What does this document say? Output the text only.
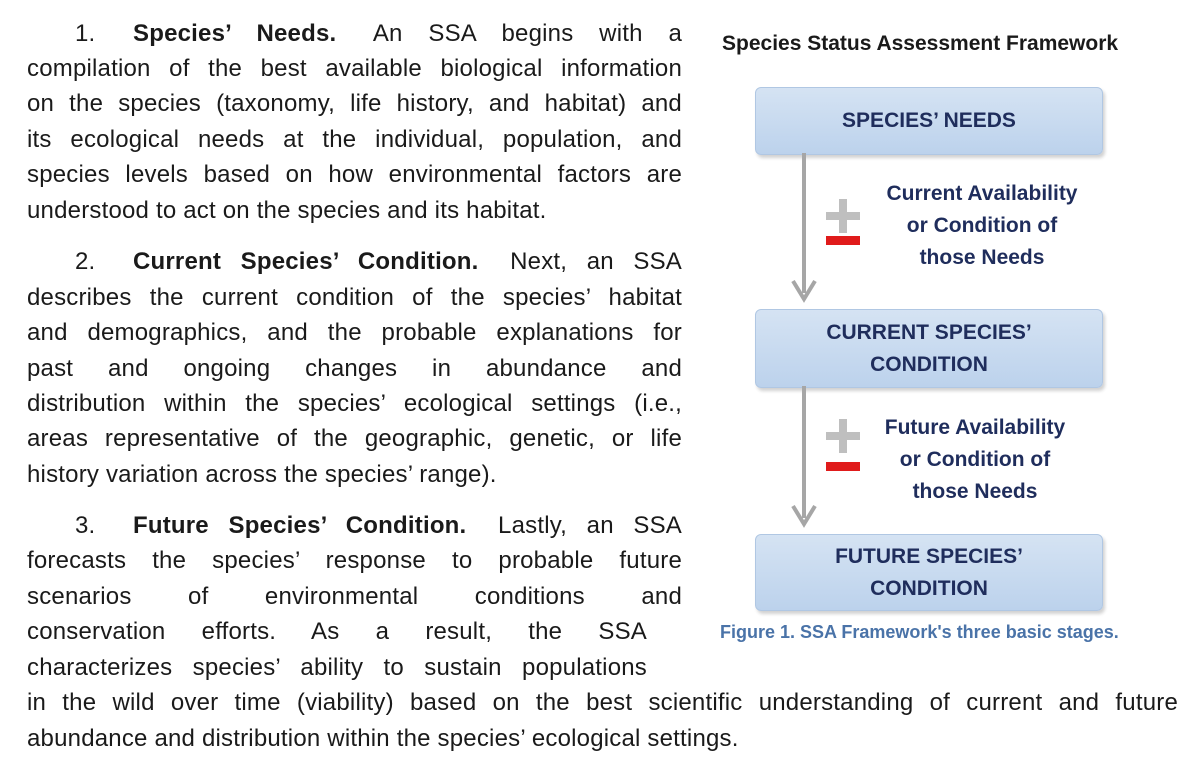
1. Species’ Needs. An SSA begins with a
compilation of the best available biological information
on the species (taxonomy, life history, and habitat) and
its ecological needs at the individual, population, and
species levels based on how environmental factors are
understood to act on the species and its habitat.
2. Current Species’ Condition. Next, an SSA
describes the current condition of the species’ habitat
and demographics, and the probable explanations for
past and ongoing changes in abundance and
distribution within the species’ ecological settings (i.e.,
areas representative of the geographic, genetic, or life
history variation across the species’ range).
3. Future Species’ Condition. Lastly, an SSA
forecasts the species’ response to probable future
scenarios of environmental conditions and
conservation efforts. As a result, the SSA
characterizes species’ ability to sustain populations
in the wild over time (viability) based on the best scientific understanding of current and future
abundance and distribution within the species’ ecological settings.
Species Status Assessment Framework
SPECIES’ NEEDS
Current Availability
or Condition of
those Needs
CURRENT SPECIES’
CONDITION
Future Availability
or Condition of
those Needs
FUTURE SPECIES’
CONDITION
Figure 1. SSA Framework's three basic stages.
